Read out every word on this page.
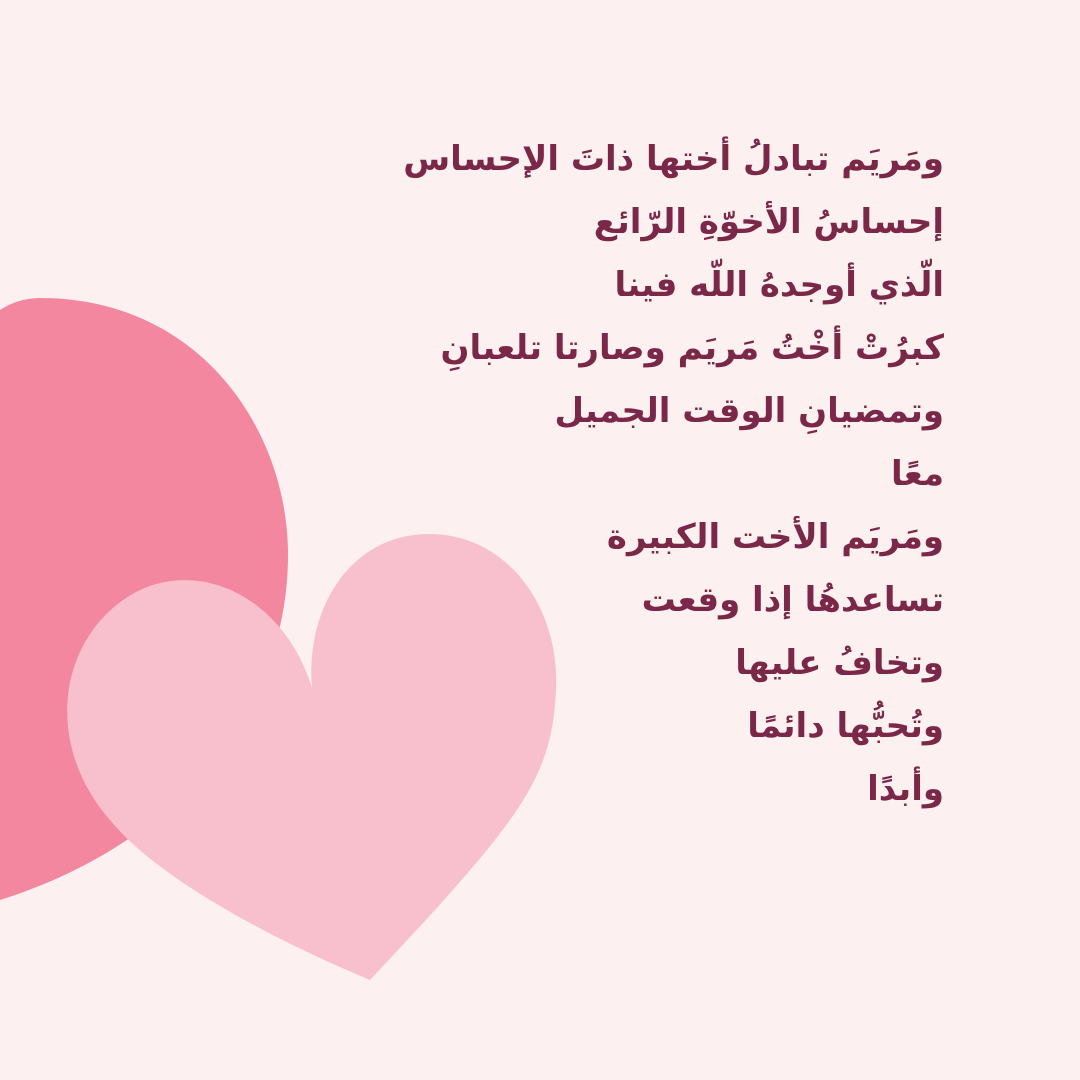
ومَريَم تبادلُ أختها ذاتَ الإحساس
إحساسُ الأخوّةِ الرّائع
الّذي أوجدهُ اللّه فينا
كبرُتْ أخْتُ مَريَم وصارتا تلعبانِ
وتمضيانِ الوقت الجميل
معًا
ومَريَم الأخت الكبيرة
تساعدهُا إذا وقعت
وتخافُ عليها
وتُحبُّها دائمًا
وأبدًا
